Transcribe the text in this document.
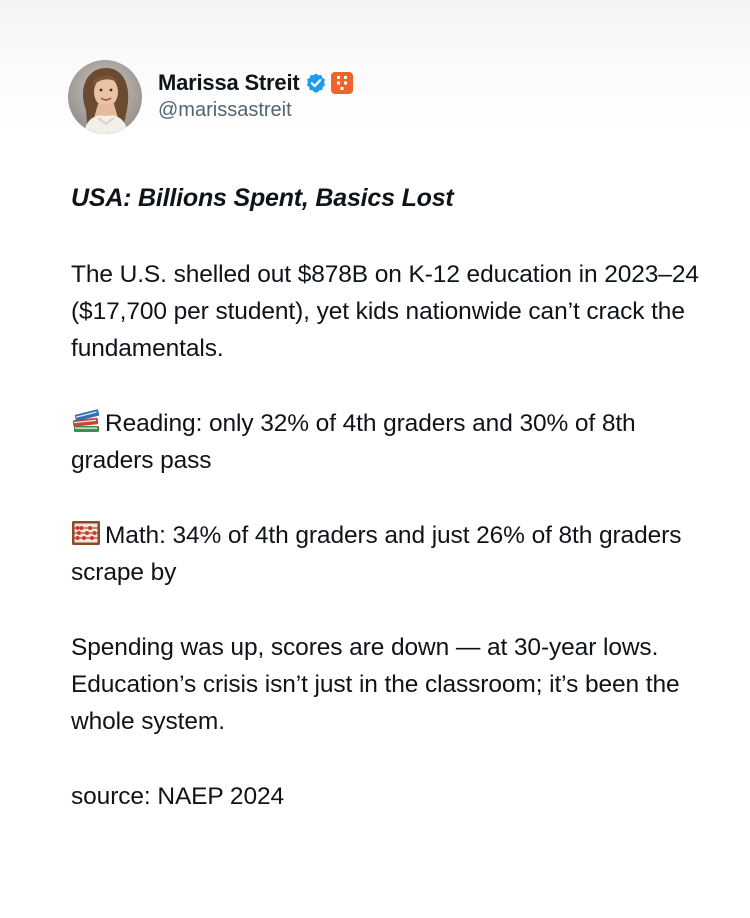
Marissa Streit
@marissastreit

USA: Billions Spent, Basics Lost

The U.S. shelled out $878B on K-12 education in 2023–24 ($17,700 per student), yet kids nationwide can’t crack the fundamentals.

Reading: only 32% of 4th graders and 30% of 8th graders pass

Math: 34% of 4th graders and just 26% of 8th graders scrape by

Spending was up, scores are down — at 30-year lows. Education’s crisis isn’t just in the classroom; it’s been the whole system.

source: NAEP 2024
